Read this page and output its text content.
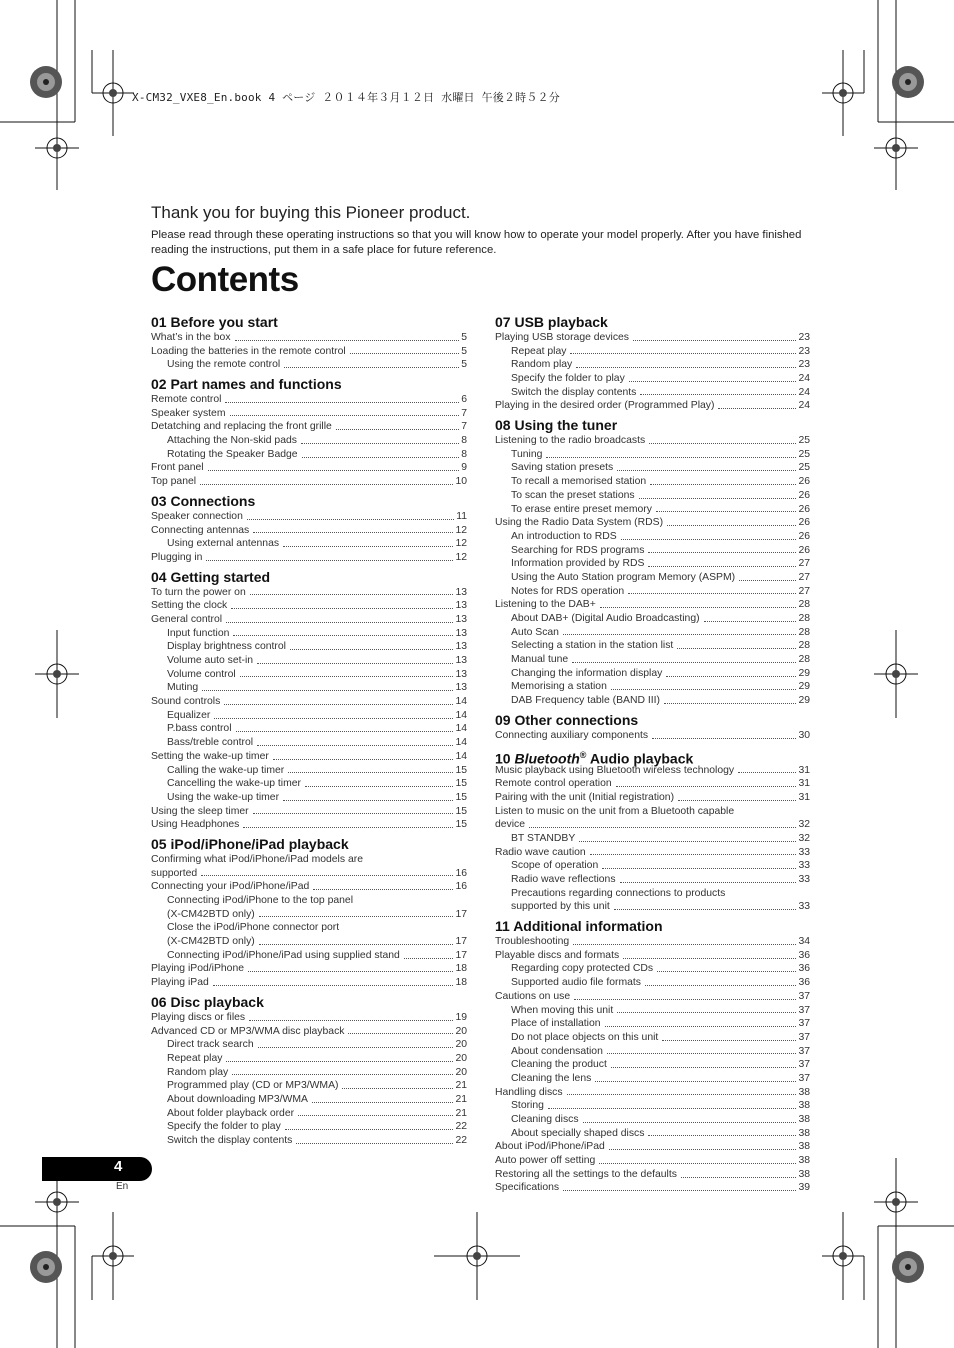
X-CM32_VXE8_En.book 4 ページ ２０１４年３月１２日 水曜日 午後２時５２分
Thank you for buying this Pioneer product.
Please read through these operating instructions so that you will know how to operate your model properly. After you have finished reading the instructions, put them in a safe place for future reference.
Contents
01 Before you start
What’s in the box	5
Loading the batteries in the remote control	5
Using the remote control	5
02 Part names and functions
Remote control	6
Speaker system	7
Detatching and replacing the front grille	7
Attaching the Non-skid pads	8
Rotating the Speaker Badge	8
Front panel	9
Top panel	10
03 Connections
Speaker connection	11
Connecting antennas	12
Using external antennas	12
Plugging in	12
04 Getting started
To turn the power on	13
Setting the clock	13
General control	13
Input function	13
Display brightness control	13
Volume auto set-in	13
Volume control	13
Muting	13
Sound controls	14
Equalizer	14
P.bass control	14
Bass/treble control	14
Setting the wake-up timer	14
Calling the wake-up timer	15
Cancelling the wake-up timer	15
Using the wake-up timer	15
Using the sleep timer	15
Using Headphones	15
05 iPod/iPhone/iPad playback
Confirming what iPod/iPhone/iPad models are
supported	16
Connecting your iPod/iPhone/iPad	16
Connecting iPod/iPhone to the top panel
(X-CM42BTD only)	17
Close the iPod/iPhone connector port
(X-CM42BTD only)	17
Connecting iPod/iPhone/iPad using supplied stand	17
Playing iPod/iPhone	18
Playing iPad	18
06 Disc playback
Playing discs or files	19
Advanced CD or MP3/WMA disc playback	20
Direct track search	20
Repeat play	20
Random play	20
Programmed play (CD or MP3/WMA)	21
About downloading MP3/WMA	21
About folder playback order	21
Specify the folder to play	22
Switch the display contents	22
07 USB playback
Playing USB storage devices	23
Repeat play	23
Random play	23
Specify the folder to play	24
Switch the display contents	24
Playing in the desired order (Programmed Play)	24
08 Using the tuner
Listening to the radio broadcasts	25
Tuning	25
Saving station presets	25
To recall a memorised station	26
To scan the preset stations	26
To erase entire preset memory	26
Using the Radio Data System (RDS)	26
An introduction to RDS	26
Searching for RDS programs	26
Information provided by RDS	27
Using the Auto Station program Memory (ASPM)	27
Notes for RDS operation	27
Listening to the DAB+	28
About DAB+ (Digital Audio Broadcasting)	28
Auto Scan	28
Selecting a station in the station list	28
Manual tune	28
Changing the information display	29
Memorising a station	29
DAB Frequency table (BAND III)	29
09 Other connections
Connecting auxiliary components	30
10 Bluetooth® Audio playback
Music playback using Bluetooth wireless technology	31
Remote control operation	31
Pairing with the unit (Initial registration)	31
Listen to music on the unit from a Bluetooth capable
device	32
BT STANDBY	32
Radio wave caution	33
Scope of operation	33
Radio wave reflections	33
Precautions regarding connections to products
supported by this unit	33
11 Additional information
Troubleshooting	34
Playable discs and formats	36
Regarding copy protected CDs	36
Supported audio file formats	36
Cautions on use	37
When moving this unit	37
Place of installation	37
Do not place objects on this unit	37
About condensation	37
Cleaning the product	37
Cleaning the lens	37
Handling discs	38
Storing	38
Cleaning discs	38
About specially shaped discs	38
About iPod/iPhone/iPad	38
Auto power off setting	38
Restoring all the settings to the defaults	38
Specifications	39
4
En
